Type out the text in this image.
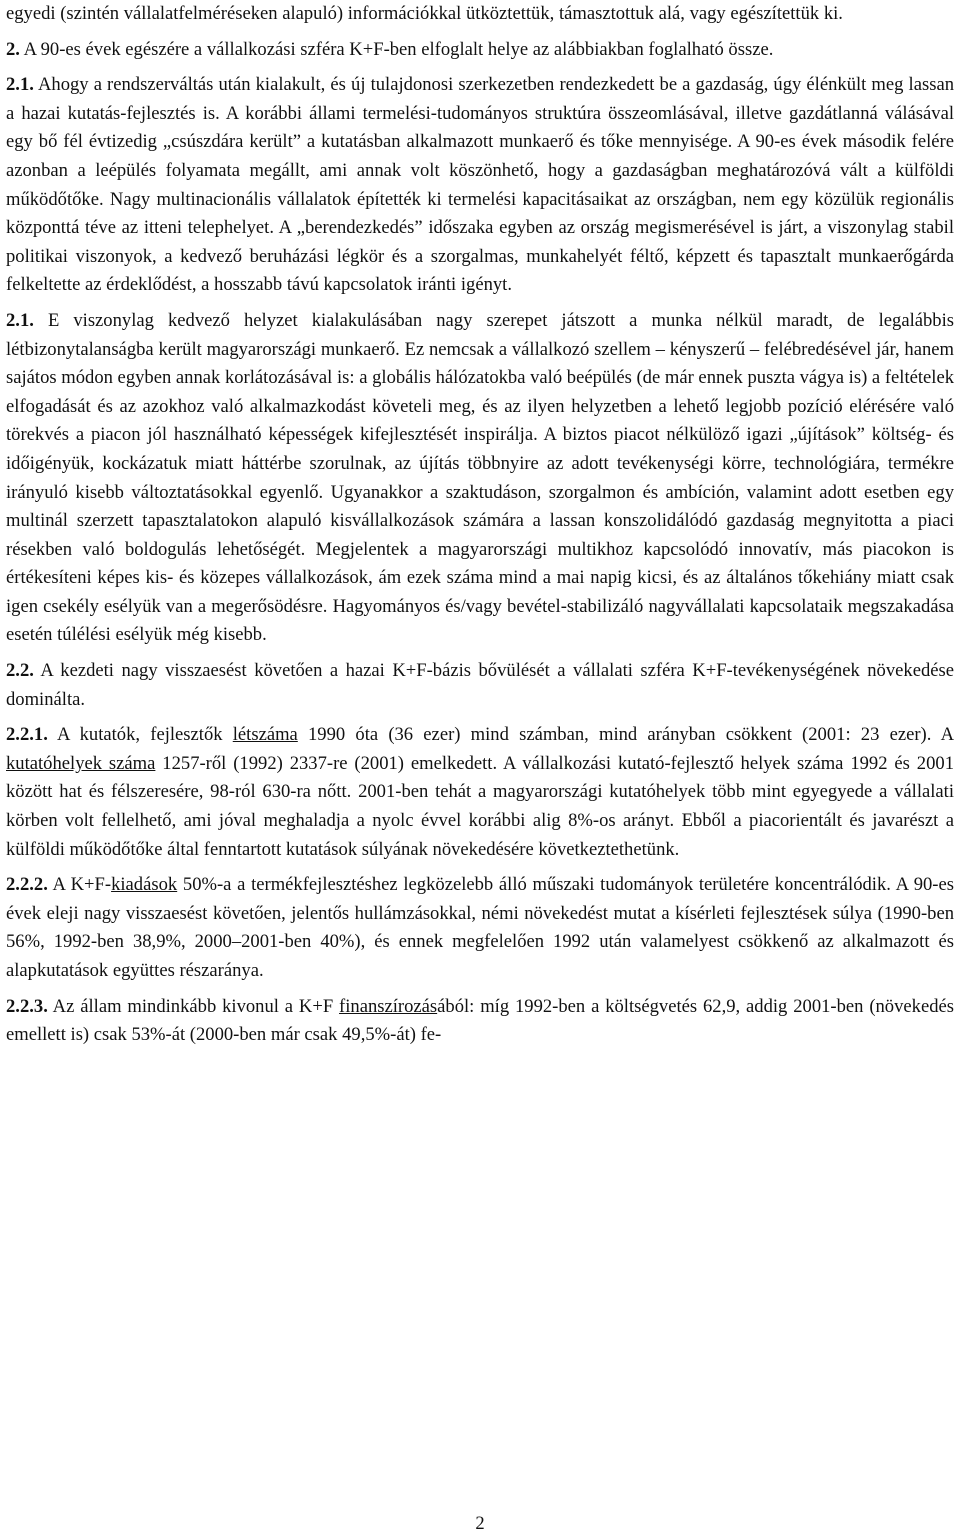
egyedi (szintén vállalatfelméréseken alapuló) információkkal ütköztettük, támasztottuk alá, vagy egészítettük ki.

2. A 90-es évek egészére a vállalkozási szféra K+F-ben elfoglalt helye az alábbiakban foglalható össze.

2.1. Ahogy a rendszerváltás után kialakult, és új tulajdonosi szerkezetben rendezkedett be a gazdaság, úgy élénkült meg lassan a hazai kutatás-fejlesztés is. A korábbi állami termelési-tudományos struktúra összeomlásával, illetve gazdátlanná válásával egy bő fél évtizedig „csúszdára került” a kutatásban alkalmazott munkaerő és tőke mennyisége. A 90-es évek második felére azonban a leépülés folyamata megállt, ami annak volt köszönhető, hogy a gazdaságban meghatározóvá vált a külföldi működőtőke. Nagy multinacionális vállalatok építették ki termelési kapacitásaikat az országban, nem egy közülük regionális központtá téve az itteni telephelyet. A „berendezkedés” időszaka egyben az ország megismerésével is járt, a viszonylag stabil politikai viszonyok, a kedvező beruházási légkör és a szorgalmas, munkahelyét féltő, képzett és tapasztalt munkaerőgárda felkeltette az érdeklődést, a hosszabb távú kapcsolatok iránti igényt.

2.1. E viszonylag kedvező helyzet kialakulásában nagy szerepet játszott a munka nélkül maradt, de legalábbis létbizonytalanságba került magyarországi munkaerő. Ez nemcsak a vállalkozó szellem – kényszerű – felébredésével jár, hanem sajátos módon egyben annak korlátozásával is: a globális hálózatokba való beépülés (de már ennek puszta vágya is) a feltételek elfogadását és az azokhoz való alkalmazkodást követeli meg, és az ilyen helyzetben a lehető legjobb pozíció elérésére való törekvés a piacon jól használható képességek kifejlesztését inspirálja. A biztos piacot nélkülöző igazi „újítások” költség- és időigényük, kockázatuk miatt háttérbe szorulnak, az újítás többnyire az adott tevékenységi körre, technológiára, termékre irányuló kisebb változtatásokkal egyenlő. Ugyanakkor a szaktudáson, szorgalmon és ambíción, valamint adott esetben egy multinál szerzett tapasztalatokon alapuló kisvállalkozások számára a lassan konszolidálódó gazdaság megnyitotta a piaci résekben való boldogulás lehetőségét. Megjelentek a magyarországi multikhoz kapcsolódó innovatív, más piacokon is értékesíteni képes kis- és közepes vállalkozások, ám ezek száma mind a mai napig kicsi, és az általános tőkehiány miatt csak igen csekély esélyük van a megerősödésre. Hagyományos és/vagy bevétel-stabilizáló nagyvállalati kapcsolataik megszakadása esetén túlélési esélyük még kisebb.

2.2. A kezdeti nagy visszaesést követően a hazai K+F-bázis bővülését a vállalati szféra K+F-tevékenységének növekedése dominálta.

2.2.1. A kutatók, fejlesztők létszáma 1990 óta (36 ezer) mind számban, mind arányban csökkent (2001: 23 ezer). A kutatóhelyek száma 1257-ről (1992) 2337-re (2001) emelkedett. A vállalkozási kutató-fejlesztő helyek száma 1992 és 2001 között hat és félszeresére, 98-ról 630-ra nőtt. 2001-ben tehát a magyarországi kutatóhelyek több mint egyegyede a vállalati körben volt fellelhető, ami jóval meghaladja a nyolc évvel korábbi alig 8%-os arányt. Ebből a piacorientált és javarészt a külföldi működőtőke által fenntartott kutatások súlyának növekedésére következtethetünk.

2.2.2. A K+F-kiadások 50%-a a termékfejlesztéshez legközelebb álló műszaki tudományok területére koncentrálódik. A 90-es évek eleji nagy visszaesést követően, jelentős hullámzásokkal, némi növekedést mutat a kísérleti fejlesztések súlya (1990-ben 56%, 1992-ben 38,9%, 2000–2001-ben 40%), és ennek megfelelően 1992 után valamelyest csökkenő az alkalmazott és alapkutatások együttes részaránya.

2.2.3. Az állam mindinkább kivonul a K+F finanszírozásából: míg 1992-ben a költségvetés 62,9, addig 2001-ben (növekedés emellett is) csak 53%-át (2000-ben már csak 49,5%-át) fe-

2
